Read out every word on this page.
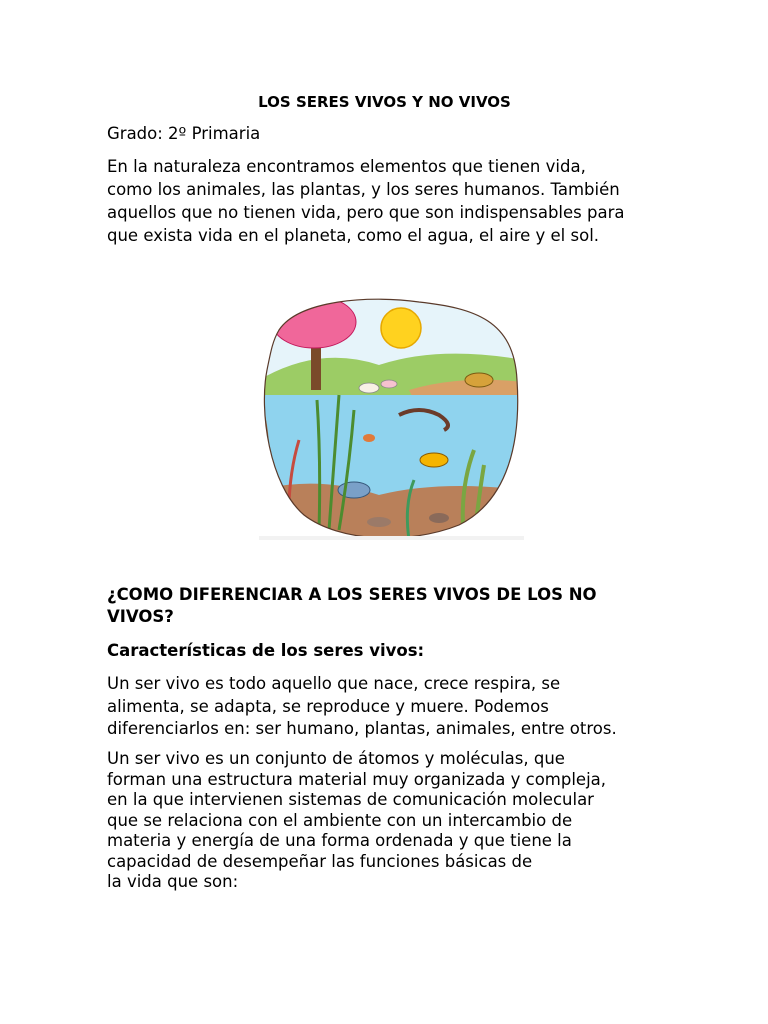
LOS SERES VIVOS Y NO VIVOS

Grado: 2º Primaria

En la naturaleza encontramos elementos que tienen vida,
como los animales, las plantas, y los seres humanos. También
aquellos que no tienen vida, pero que son indispensables para
que exista vida en el planeta, como el agua, el aire y el sol.

¿COMO DIFERENCIAR A LOS SERES VIVOS DE LOS NO
VIVOS?
Características de los seres vivos:

Un ser vivo es todo aquello que nace, crece respira, se
alimenta, se adapta, se reproduce y muere. Podemos
diferenciarlos en: ser humano, plantas, animales, entre otros.

Un ser vivo es un conjunto de átomos y moléculas, que
forman una estructura material muy organizada y compleja,
en la que intervienen sistemas de comunicación molecular
que se relaciona con el ambiente con un intercambio de
materia y energía de una forma ordenada y que tiene la
capacidad de desempeñar las funciones básicas de
la vida que son:
